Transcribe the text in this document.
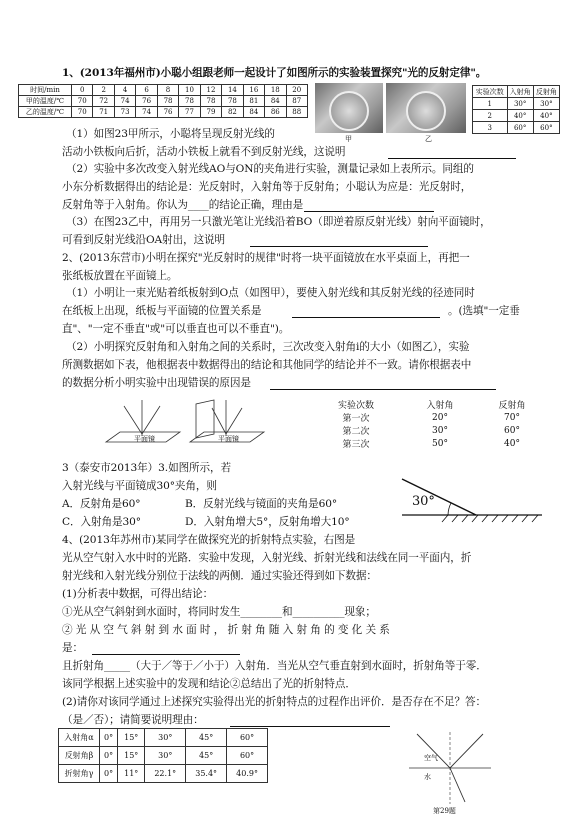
1、(2013年福州市)小聪小组跟老师一起设计了如图所示的实验装置探究"光的反射定律"。
时间/min	0	2	4	6	8	10	12	14	16	18	20
甲的温度/℃	70	72	74	76	78	78	78	78	81	84	87
乙的温度/℃	70	71	73	74	76	77	79	82	84	86	88
甲	乙
实验次数	入射角	反射角
1	30°	30°
2	40°	40°
3	60°	60°
（1）如图23甲所示，小聪将呈现反射光线的
活动小铁板向后折，活动小铁板上就看不到反射光线，这说明
（2）实验中多次改变入射光线AO与ON的夹角进行实验，测量记录如上表所示。同组的
小东分析数据得出的结论是：光反射时，入射角等于反射角；小聪认为应是：光反射时，
反射角等于入射角。你认为____的结论正确，理由是
（3）在图23乙中，再用另一只激光笔让光线沿着BO（即逆着原反射光线）射向平面镜时，
可看到反射光线沿OA射出，这说明
2、(2013东营市)小明在探究"光反射时的规律"时将一块平面镜放在水平桌面上，再把一
张纸板放置在平面镜上。
（1）小明让一束光贴着纸板射到O点（如图甲），要使入射光线和其反射光线的径迹同时
在纸板上出现，纸板与平面镜的位置关系是	。(选填"一定垂
直"、"一定不垂直"或"可以垂直也可以不垂直")。
（2）小明探究反射角和入射角之间的关系时，三次改变入射角i的大小（如图乙），实验
所测数据如下表，他根据表中数据得出的结论和其他同学的结论并不一致。请你根据表中
的数据分析小明实验中出现错误的原因是
平面镜	平面镜
实验次数	入射角	反射角
第一次	20°	70°
第二次	30°	60°
第三次	50°	40°
3（泰安市2013年）3.如图所示，若
入射光线与平面镜成30°夹角，则
A．反射角是60°	B．反射光线与镜面的夹角是60°
C．入射角是30°	D．入射角增大5°，反射角增大10°
30°
4、(2013年苏州市)某同学在做探究光的折射特点实验，右图是
光从空气射入水中时的光路．实验中发现，入射光线、折射光线和法线在同一平面内，折
射光线和入射光线分别位于法线的两侧．通过实验还得到如下数据：
(1)分析表中数据，可得出结论：
①光从空气斜射到水面时，将同时发生________和__________现象；
②光从空气斜射到水面时，折射角随入射角的变化关系
是：
且折射角_____（大于／等于／小于）入射角．当光从空气垂直射到水面时，折射角等于零．
该同学根据上述实验中的发现和结论②总结出了光的折射特点．
(2)请你对该同学通过上述探究实验得出光的折射特点的过程作出评价．是否存在不足？答：
（是／否）；请简要说明理由：
入射角α	0°	15°	30°	45°	60°
反射角β	0°	15°	30°	45°	60°
折射角γ	0°	11°	22.1°	35.4°	40.9°
空气
水
第29题
